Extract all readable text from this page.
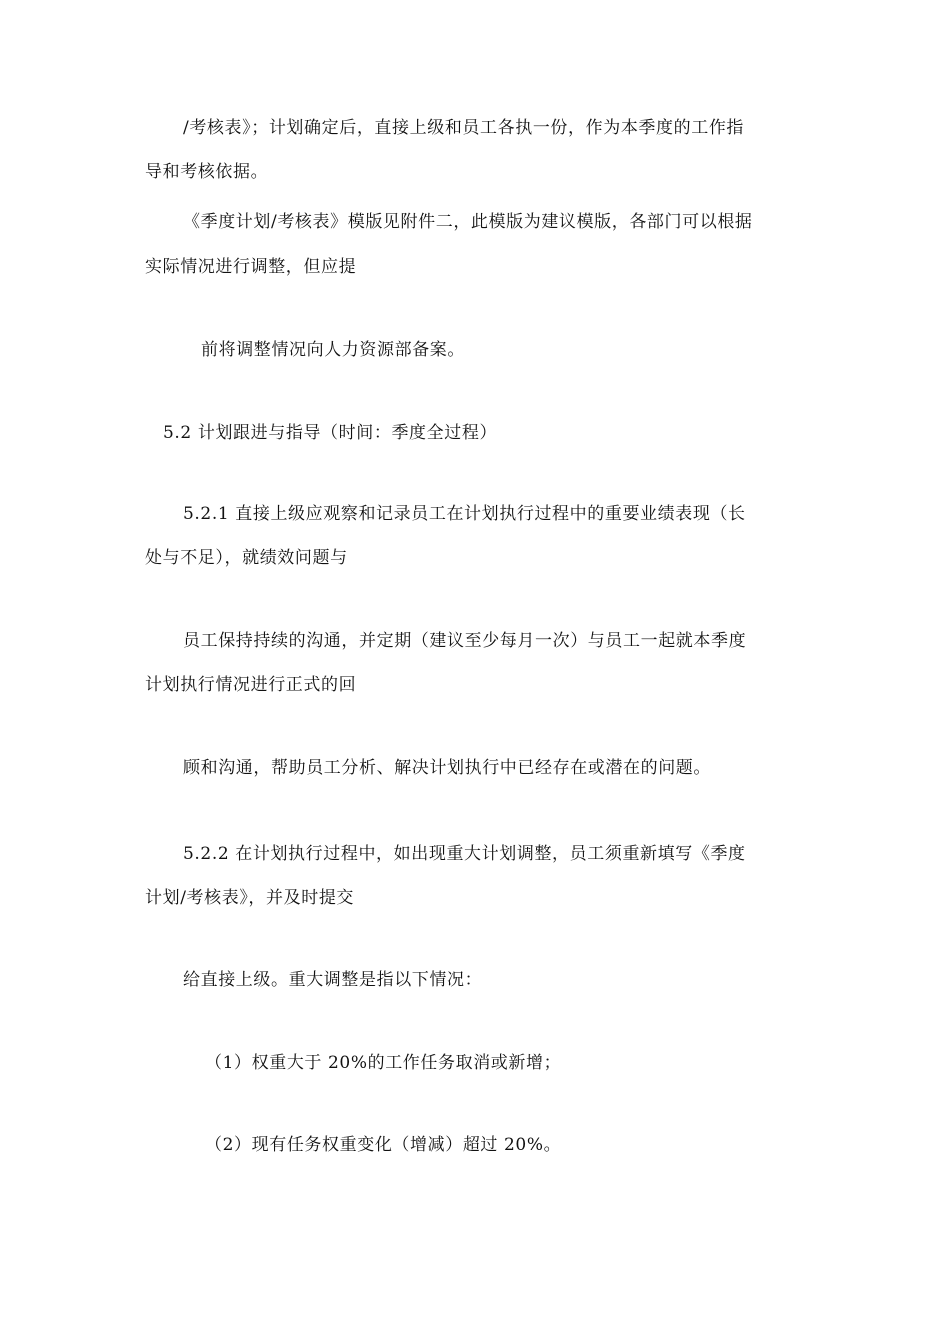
/考核表》；计划确定后，直接上级和员工各执一份，作为本季度的工作指
导和考核依据。
《季度计划/考核表》模版见附件二，此模版为建议模版，各部门可以根据
实际情况进行调整，但应提
前将调整情况向人力资源部备案。
5.2 计划跟进与指导（时间：季度全过程）
5.2.1 直接上级应观察和记录员工在计划执行过程中的重要业绩表现（长
处与不足），就绩效问题与
员工保持持续的沟通，并定期（建议至少每月一次）与员工一起就本季度
计划执行情况进行正式的回
顾和沟通，帮助员工分析、解决计划执行中已经存在或潜在的问题。
5.2.2 在计划执行过程中，如出现重大计划调整，员工须重新填写《季度
计划/考核表》，并及时提交
给直接上级。重大调整是指以下情况：
（1）权重大于 20%的工作任务取消或新增；
（2）现有任务权重变化（增减）超过 20%。
